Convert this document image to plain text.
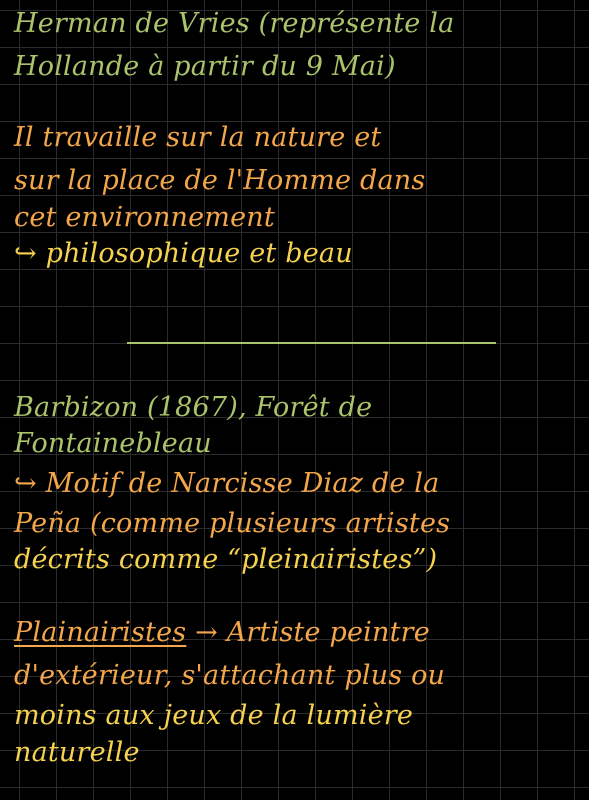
Herman de Vries (représente la
Hollande à partir du 9 Mai)
Il travaille sur la nature et
sur la place de l'Homme dans
cet environnement
↪ philosophique et beau
Barbizon (1867), Forêt de
Fontainebleau
↪ Motif de Narcisse Diaz de la
Peña (comme plusieurs artistes
décrits comme “pleinairistes”)
Plainairistes → Artiste peintre
d'extérieur, s'attachant plus ou
moins aux jeux de la lumière
naturelle
